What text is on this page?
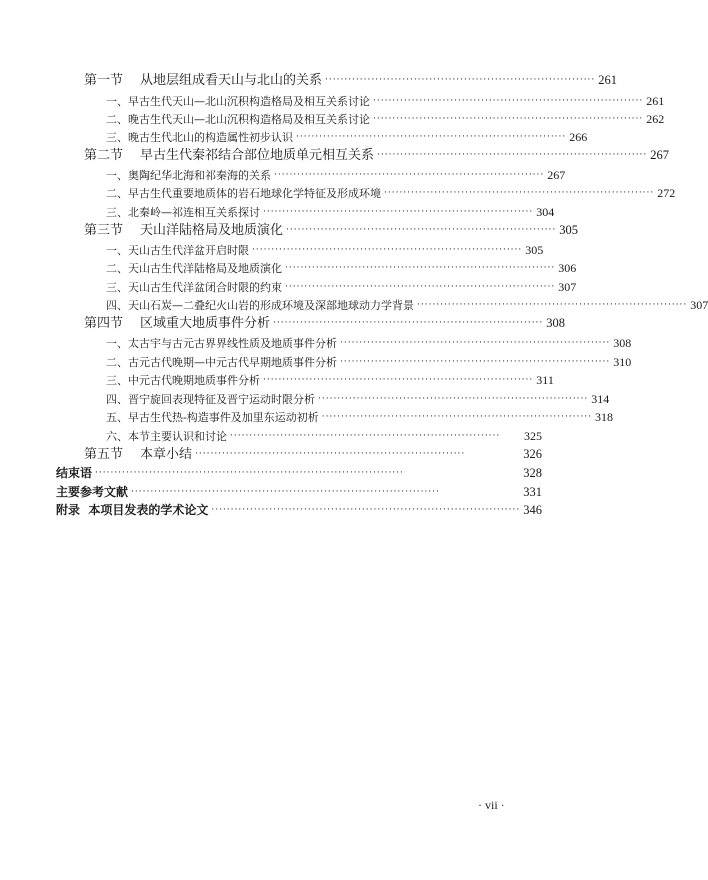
第一节 从地层组成看天山与北山的关系 ······································································ 261
一、早古生代天山—北山沉积构造格局及相互关系讨论 ······································································ 261
二、晚古生代天山—北山沉积构造格局及相互关系讨论 ······································································ 262
三、晚古生代北山的构造属性初步认识 ······································································ 266
第二节 早古生代秦祁结合部位地质单元相互关系 ······································································ 267
一、奥陶纪华北海和祁秦海的关系 ······································································ 267
二、早古生代重要地质体的岩石地球化学特征及形成环境 ······································································ 272
三、北秦岭—祁连相互关系探讨 ······································································ 304
第三节 天山洋陆格局及地质演化 ······································································ 305
一、天山古生代洋盆开启时限 ······································································ 305
二、天山古生代洋陆格局及地质演化 ······································································ 306
三、天山古生代洋盆闭合时限的约束 ······································································ 307
四、天山石炭—二叠纪火山岩的形成环境及深部地球动力学背景 ······································································ 307
第四节 区域重大地质事件分析 ······································································ 308
一、太古宇与古元古界界线性质及地质事件分析 ······································································ 308
二、古元古代晚期—中元古代早期地质事件分析 ······································································ 310
三、中元古代晚期地质事件分析 ······································································ 311
四、晋宁旋回表现特征及晋宁运动时限分析 ······································································ 314
五、早古生代热-构造事件及加里东运动初析 ······································································ 318
六、本节主要认识和讨论 ······································································	325
第五节 本章小结 ······································································	326
结束语 ················································································	328
主要参考文献 ················································································	331
附录  本项目发表的学术论文 ················································································ 346
· vii ·
